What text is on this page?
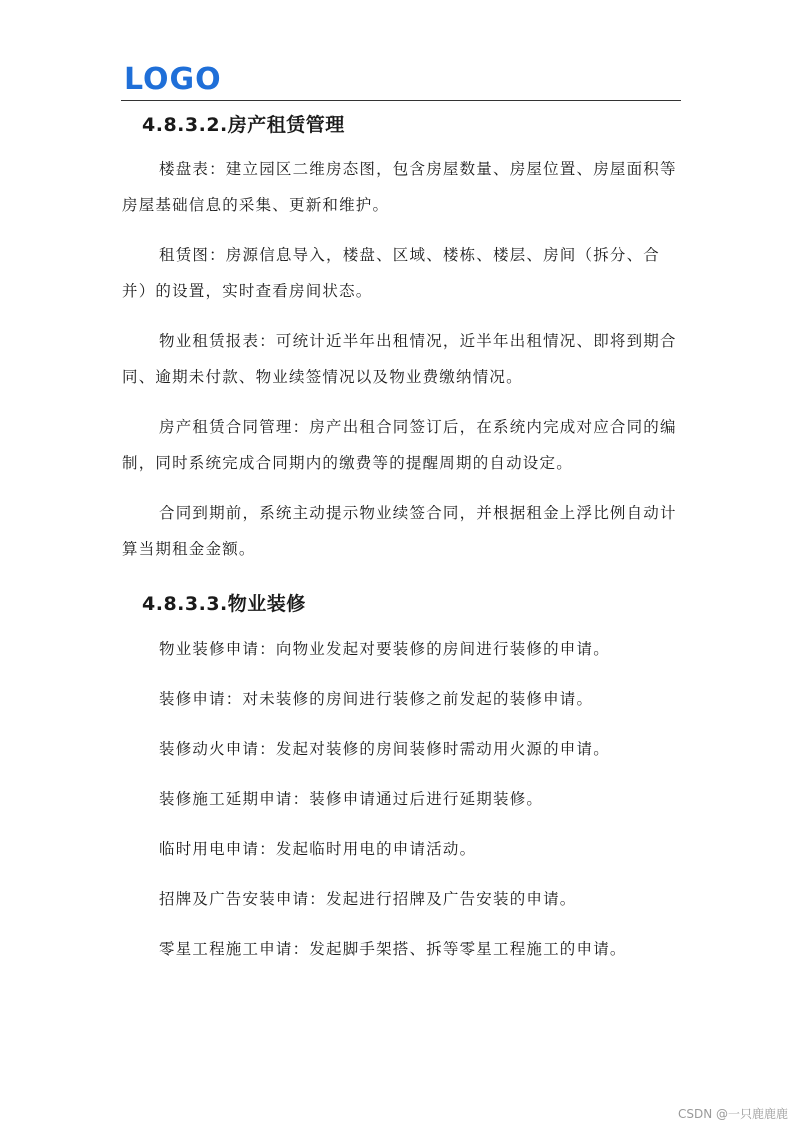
LOGO
4.8.3.2.房产租赁管理

楼盘表：建立园区二维房态图，包含房屋数量、房屋位置、房屋面积等房屋基础信息的采集、更新和维护。

租赁图：房源信息导入，楼盘、区域、楼栋、楼层、房间（拆分、合并）的设置，实时查看房间状态。

物业租赁报表：可统计近半年出租情况，近半年出租情况、即将到期合同、逾期未付款、物业续签情况以及物业费缴纳情况。

房产租赁合同管理：房产出租合同签订后，在系统内完成对应合同的编制，同时系统完成合同期内的缴费等的提醒周期的自动设定。

合同到期前，系统主动提示物业续签合同，并根据租金上浮比例自动计算当期租金金额。

4.8.3.3.物业装修

物业装修申请：向物业发起对要装修的房间进行装修的申请。

装修申请：对未装修的房间进行装修之前发起的装修申请。

装修动火申请：发起对装修的房间装修时需动用火源的申请。

装修施工延期申请：装修申请通过后进行延期装修。

临时用电申请：发起临时用电的申请活动。

招牌及广告安装申请：发起进行招牌及广告安装的申请。

零星工程施工申请：发起脚手架搭、拆等零星工程施工的申请。

CSDN @一只鹿鹿鹿
